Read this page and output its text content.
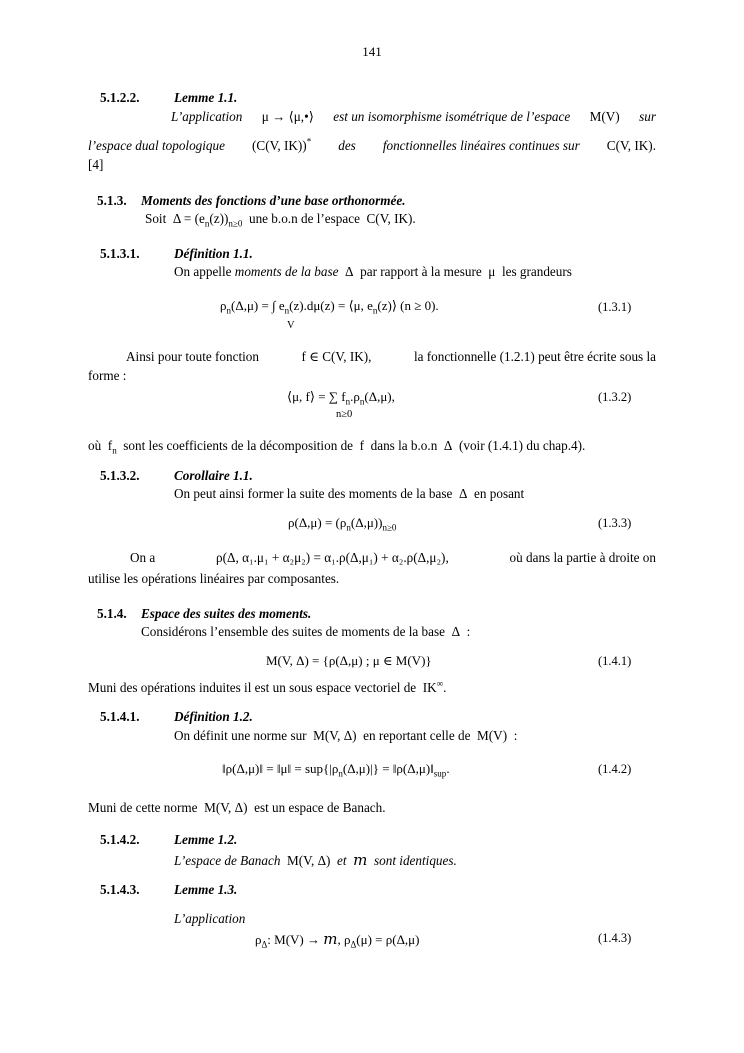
141
5.1.2.2.	Lemme 1.1.
L’application μ → ⟨μ,•⟩ est un isomorphisme isométrique de l’espace M(V) sur
l’espace dual topologique (C(V, IK))* des fonctionnelles linéaires continues sur C(V, IK).
[4]
5.1.3. Moments des fonctions d’une base orthonormée.
Soit $\Delta = (e_n(z))_{n\ge 0}$ une b.o.n de l’espace C(V, IK).
5.1.3.1.	Définition 1.1.
On appelle moments de la base Δ par rapport à la mesure μ les grandeurs
$\rho_n(\Delta,\mu)$ = ∫ $e_n(z).d\mu(z)$ = ⟨μ, $e_n(z)⟩$ (n ≥ 0).
V
(1.3.1)
Ainsi pour toute fonction	f ∈ C(V, IK),	la fonctionnelle (1.2.1) peut être écrite sous la
forme :
⟨μ, f⟩ = ∑ $f_n.\rho_n(\Delta,\mu)$,
n≥0
(1.3.2)
où $f_n$ sont les coefficients de la décomposition de f dans la b.o.n Δ (voir (1.4.1) du chap.4).
5.1.3.2.	Corollaire 1.1.
On peut ainsi former la suite des moments de la base Δ en posant
$\rho(\Delta,\mu) = (\rho_n(\Delta,\mu))_{n\ge 0}$	(1.3.3)
On a	ρ(Δ, α₁.μ₁ + α₂μ₂) = α₁.ρ(Δ,μ₁) + α₂.ρ(Δ,μ₂),	où dans la partie à droite on
utilise les opérations linéaires par composantes.
5.1.4. Espace des suites des moments.
Considérons l’ensemble des suites de moments de la base Δ :
M(V, Δ) = {ρ(Δ,μ) ; μ ∈ M(V)}	(1.4.1)
Muni des opérations induites il est un sous espace vectoriel de IK∞.
5.1.4.1.	Définition 1.2.
On définit une norme sur M(V, Δ) en reportant celle de M(V) :
‖ρ(Δ,μ)‖ = ‖μ‖ = $sup\{|\rho_n(\Delta,\mu)|\}$ = $‖\rho(\Delta,\mu)‖_{sup}$.	(1.4.2)
Muni de cette norme M(V, Δ) est un espace de Banach.
5.1.4.2.	Lemme 1.2.
L’espace de Banach M(V, Δ) et m sont identiques.
5.1.4.3.	Lemme 1.3.
L’application
$\rho_\Delta$: M(V) → m, $\rho_\Delta(\mu) = \rho(\Delta,\mu)$	(1.4.3)
